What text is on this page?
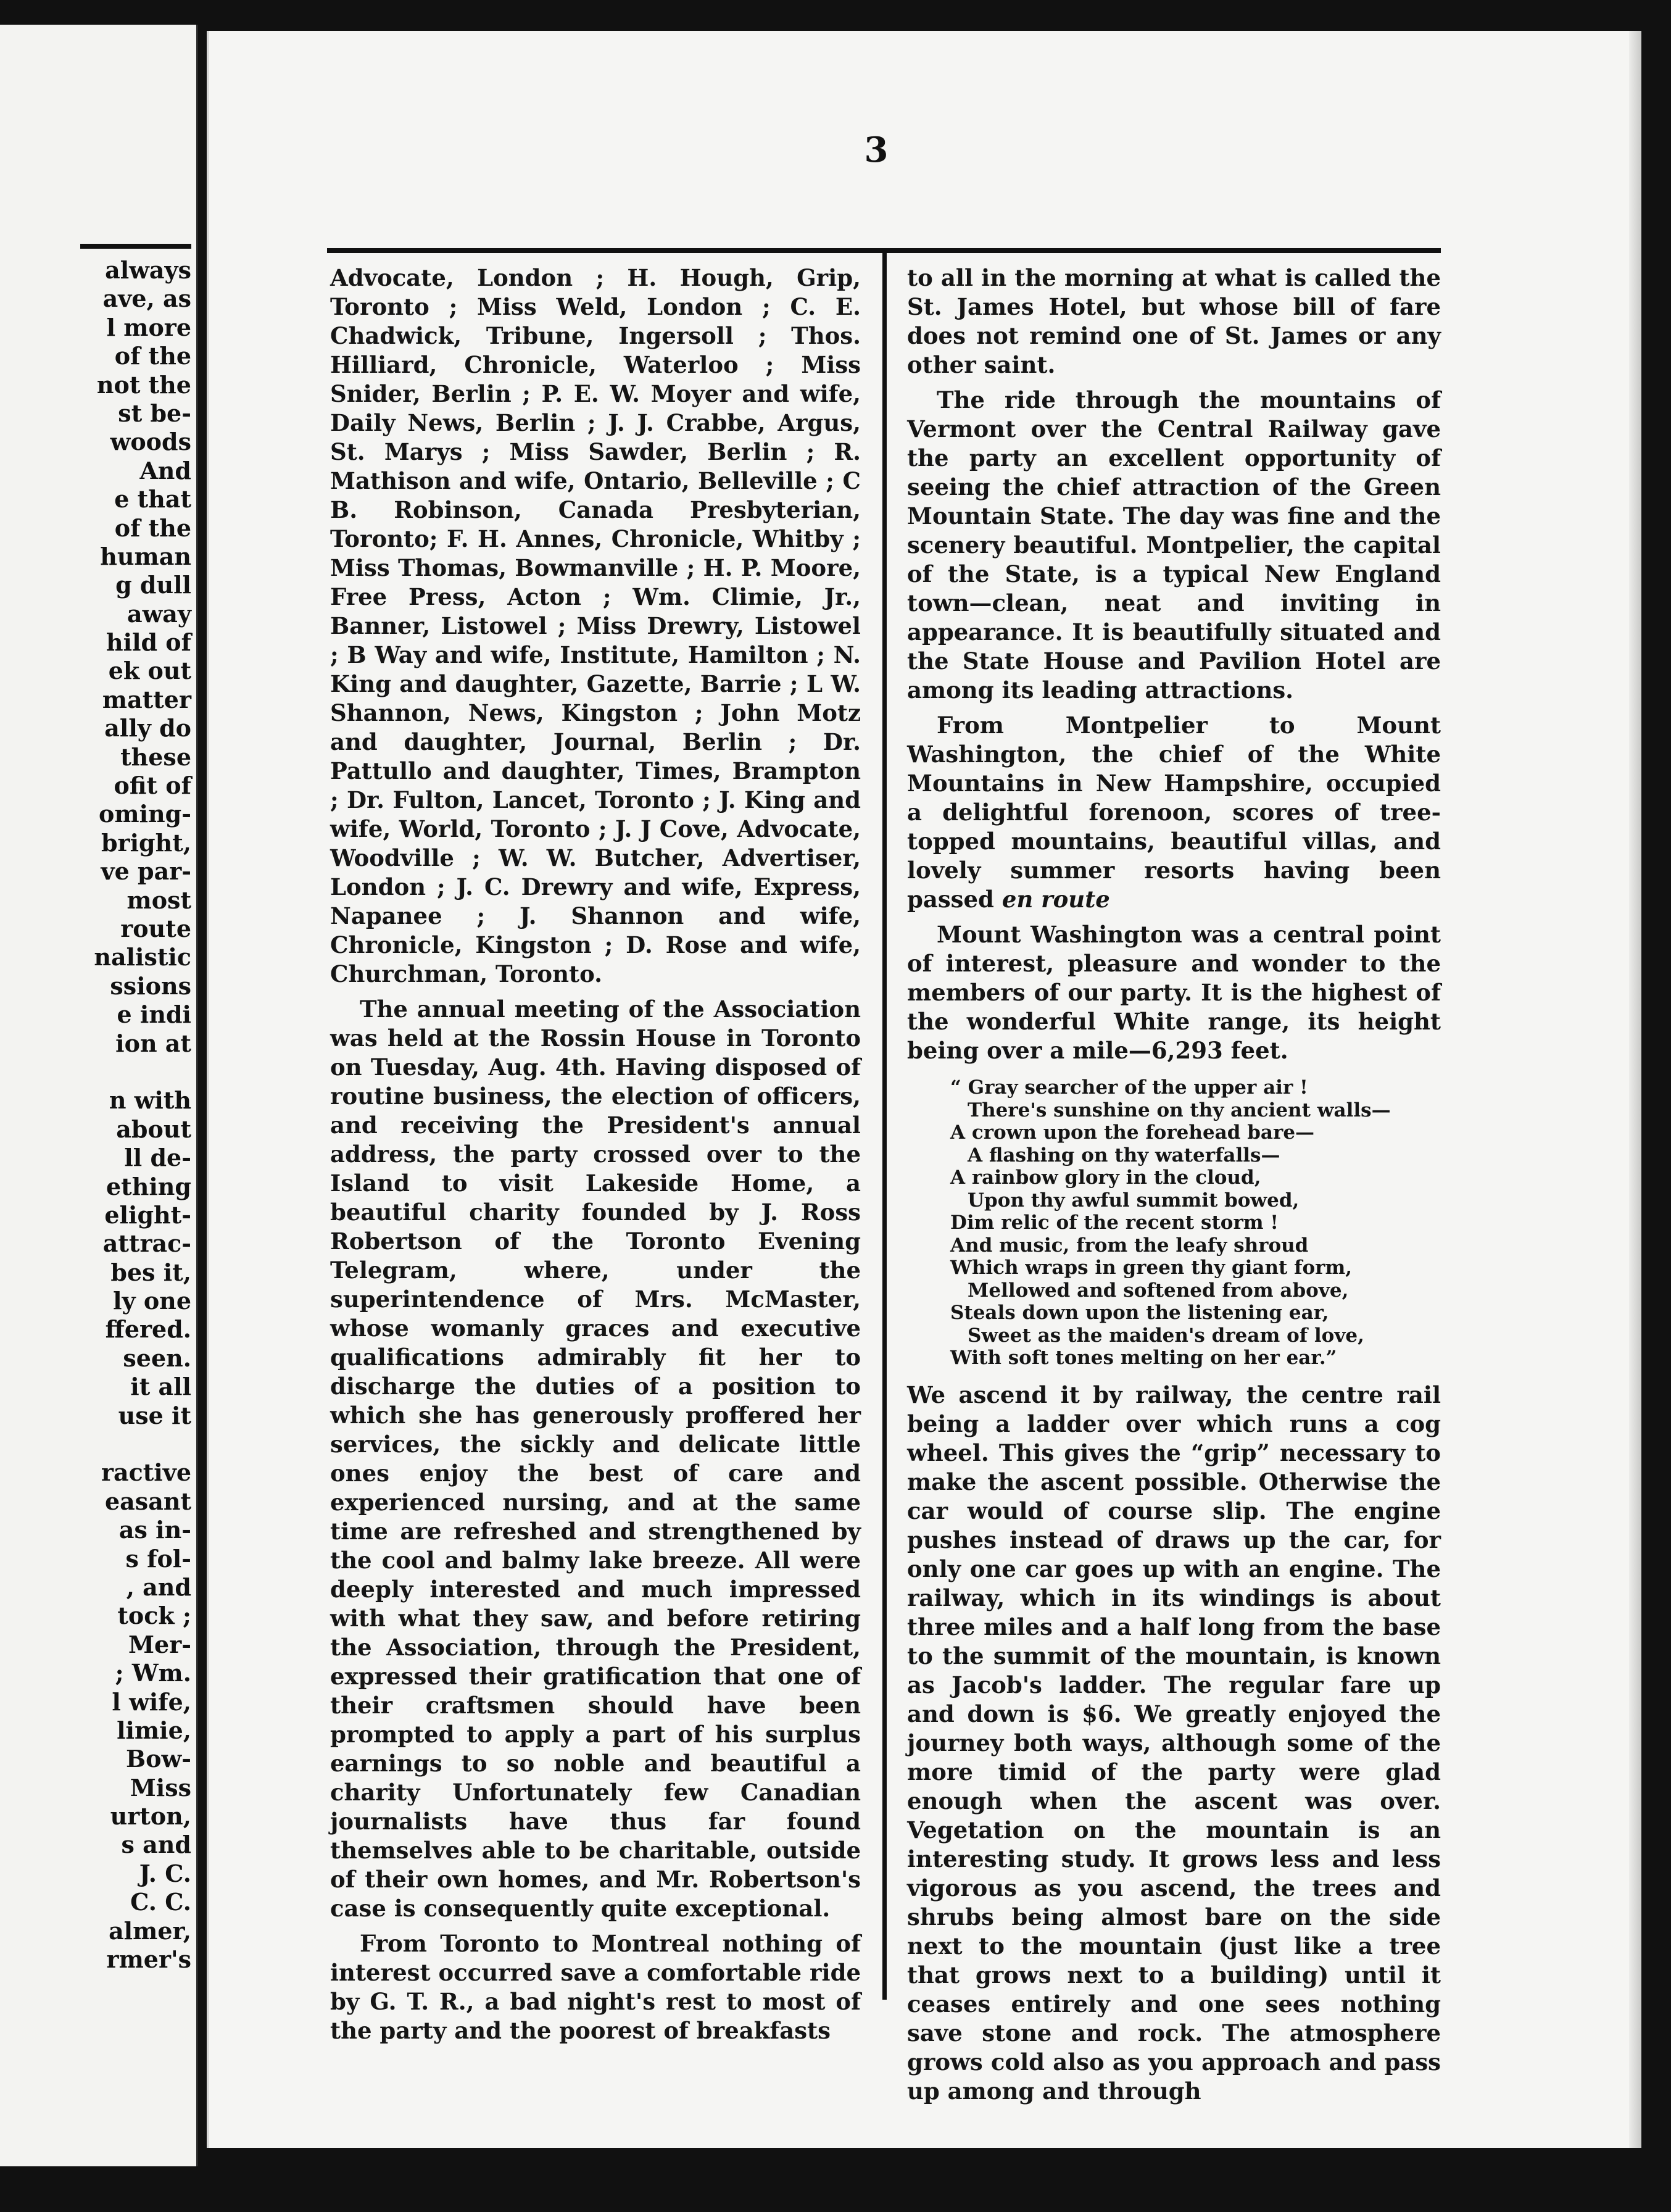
always
ave, as
l more
of the
not the
st be-
woods
And
e that
of the
human
g dull
away
hild of
ek out
matter
ally do
these
ofit of
oming-
bright,
ve par-
most
route
nalistic
ssions
e indi
ion at
n with
about
ll de-
ething
elight-
attrac-
bes it,
ly one
ffered.
seen.
it all
use it
ractive
easant
as in-
s fol-
, and
tock ;
Mer-
; Wm.
l wife,
limie,
Bow-
Miss
urton,
s and
J. C.
C. C.
almer,
rmer's
3

Advocate, London ; H. Hough, Grip, Toronto ; Miss Weld, London ; C. E. Chadwick, Tribune, Ingersoll ; Thos. Hilliard, Chronicle, Waterloo ; Miss Snider, Berlin ; P. E. W. Moyer and wife, Daily News, Berlin ; J. J. Crabbe, Argus, St. Marys ; Miss Sawder, Berlin ; R. Mathison and wife, Ontario, Belleville ; C B. Robinson, Canada Presbyterian, Toronto; F. H. Annes, Chronicle, Whitby ; Miss Thomas, Bowmanville ; H. P. Moore, Free Press, Acton ; Wm. Climie, Jr., Banner, Listowel ; Miss Drewry, Listowel ; B Way and wife, Institute, Hamilton ; N. King and daughter, Gazette, Barrie ; L W. Shannon, News, Kingston ; John Motz and daughter, Journal, Berlin ; Dr. Pattullo and daughter, Times, Brampton ; Dr. Fulton, Lancet, Toronto ; J. King and wife, World, Toronto ; J. J Cove, Advocate, Woodville ; W. W. Butcher, Advertiser, London ; J. C. Drewry and wife, Express, Napanee ; J. Shannon and wife, Chronicle, Kingston ; D. Rose and wife, Churchman, Toronto.

The annual meeting of the Association was held at the Rossin House in Toronto on Tuesday, Aug. 4th. Having disposed of routine business, the election of officers, and receiving the President's annual address, the party crossed over to the Island to visit Lakeside Home, a beautiful charity founded by J. Ross Robertson of the Toronto Evening Telegram, where, under the superintendence of Mrs. McMaster, whose womanly graces and executive qualifications admirably fit her to discharge the duties of a position to which she has generously proffered her services, the sickly and delicate little ones enjoy the best of care and experienced nursing, and at the same time are refreshed and strengthened by the cool and balmy lake breeze. All were deeply interested and much impressed with what they saw, and before retiring the Association, through the President, expressed their gratification that one of their craftsmen should have been prompted to apply a part of his surplus earnings to so noble and beautiful a charity Unfortunately few Canadian journalists have thus far found themselves able to be charitable, outside of their own homes, and Mr. Robertson's case is consequently quite exceptional.

From Toronto to Montreal nothing of interest occurred save a comfortable ride by G. T. R., a bad night's rest to most of the party and the poorest of breakfasts

to all in the morning at what is called the St. James Hotel, but whose bill of fare does not remind one of St. James or any other saint.

The ride through the mountains of Vermont over the Central Railway gave the party an excellent opportunity of seeing the chief attraction of the Green Mountain State. The day was fine and the scenery beautiful. Montpelier, the capital of the State, is a typical New England town—clean, neat and inviting in appearance. It is beautifully situated and the State House and Pavilion Hotel are among its leading attractions.

From Montpelier to Mount Washington, the chief of the White Mountains in New Hampshire, occupied a delightful forenoon, scores of tree-topped mountains, beautiful villas, and lovely summer resorts having been passed en route

Mount Washington was a central point of interest, pleasure and wonder to the members of our party. It is the highest of the wonderful White range, its height being over a mile—6,293 feet.

“ Gray searcher of the upper air !
There's sunshine on thy ancient walls—
A crown upon the forehead bare—
A flashing on thy waterfalls—
A rainbow glory in the cloud,
Upon thy awful summit bowed,
Dim relic of the recent storm !
And music, from the leafy shroud
Which wraps in green thy giant form,
Mellowed and softened from above,
Steals down upon the listening ear,
Sweet as the maiden's dream of love,
With soft tones melting on her ear.”

We ascend it by railway, the centre rail being a ladder over which runs a cog wheel. This gives the “grip” necessary to make the ascent possible. Otherwise the car would of course slip. The engine pushes instead of draws up the car, for only one car goes up with an engine. The railway, which in its windings is about three miles and a half long from the base to the summit of the mountain, is known as Jacob's ladder. The regular fare up and down is $6. We greatly enjoyed the journey both ways, although some of the more timid of the party were glad enough when the ascent was over. Vegetation on the mountain is an interesting study. It grows less and less vigorous as you ascend, the trees and shrubs being almost bare on the side next to the mountain (just like a tree that grows next to a building) until it ceases entirely and one sees nothing save stone and rock. The atmosphere grows cold also as you approach and pass up among and through
